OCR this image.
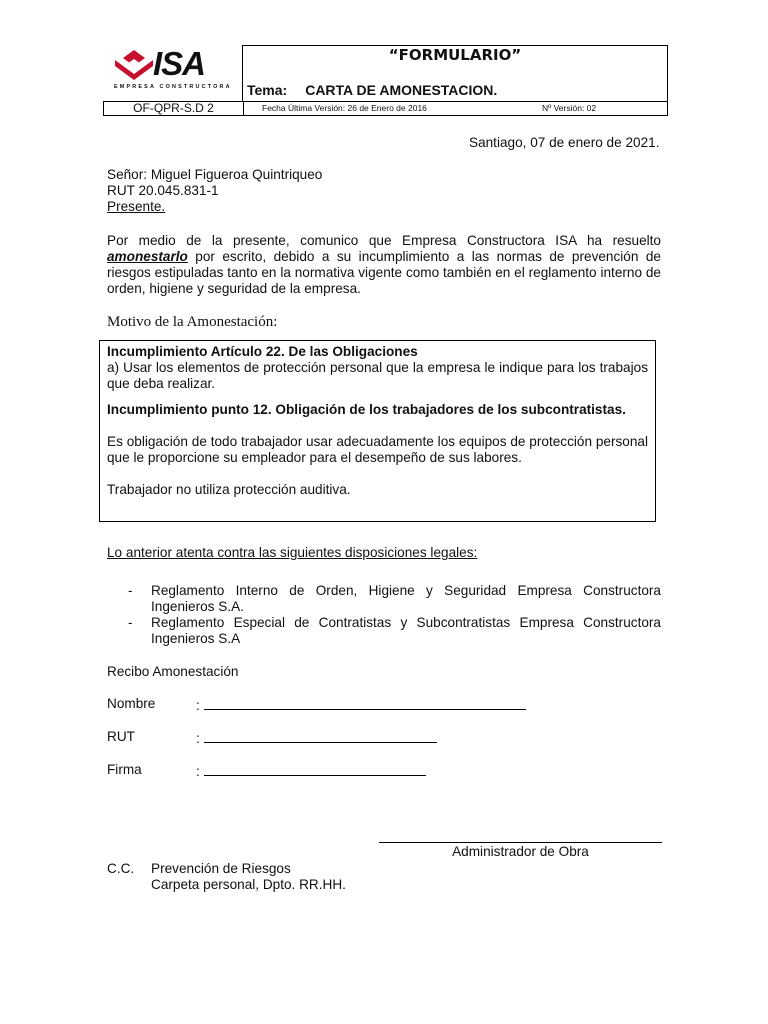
ISA
EMPRESA CONSTRUCTORA
“FORMULARIO”
Tema: CARTA DE AMONESTACION.
OF-QPR-S.D 2	Fecha Última Versión: 26 de Enero de 2016	Nº Versión: 02
Santiago, 07 de enero de 2021.
Señor: Miguel Figueroa Quintriqueo
RUT 20.045.831-1
Presente.
Por medio de la presente, comunico que Empresa Constructora ISA ha resuelto amonestarlo por escrito, debido a su incumplimiento a las normas de prevención de riesgos estipuladas tanto en la normativa vigente como también en el reglamento interno de orden, higiene y seguridad de la empresa.
Motivo de la Amonestación:
Incumplimiento Artículo 22. De las Obligaciones
a) Usar los elementos de protección personal que la empresa le indique para los trabajos que deba realizar.
Incumplimiento punto 12. Obligación de los trabajadores de los subcontratistas.
Es obligación de todo trabajador usar adecuadamente los equipos de protección personal que le proporcione su empleador para el desempeño de sus labores.
Trabajador no utiliza protección auditiva.
Lo anterior atenta contra las siguientes disposiciones legales:
- Reglamento Interno de Orden, Higiene y Seguridad Empresa Constructora Ingenieros S.A.
- Reglamento Especial de Contratistas y Subcontratistas Empresa Constructora Ingenieros S.A
Recibo Amonestación
Nombre	:
RUT	:
Firma	:
Administrador de Obra
C.C. Prevención de Riesgos
Carpeta personal, Dpto. RR.HH.
